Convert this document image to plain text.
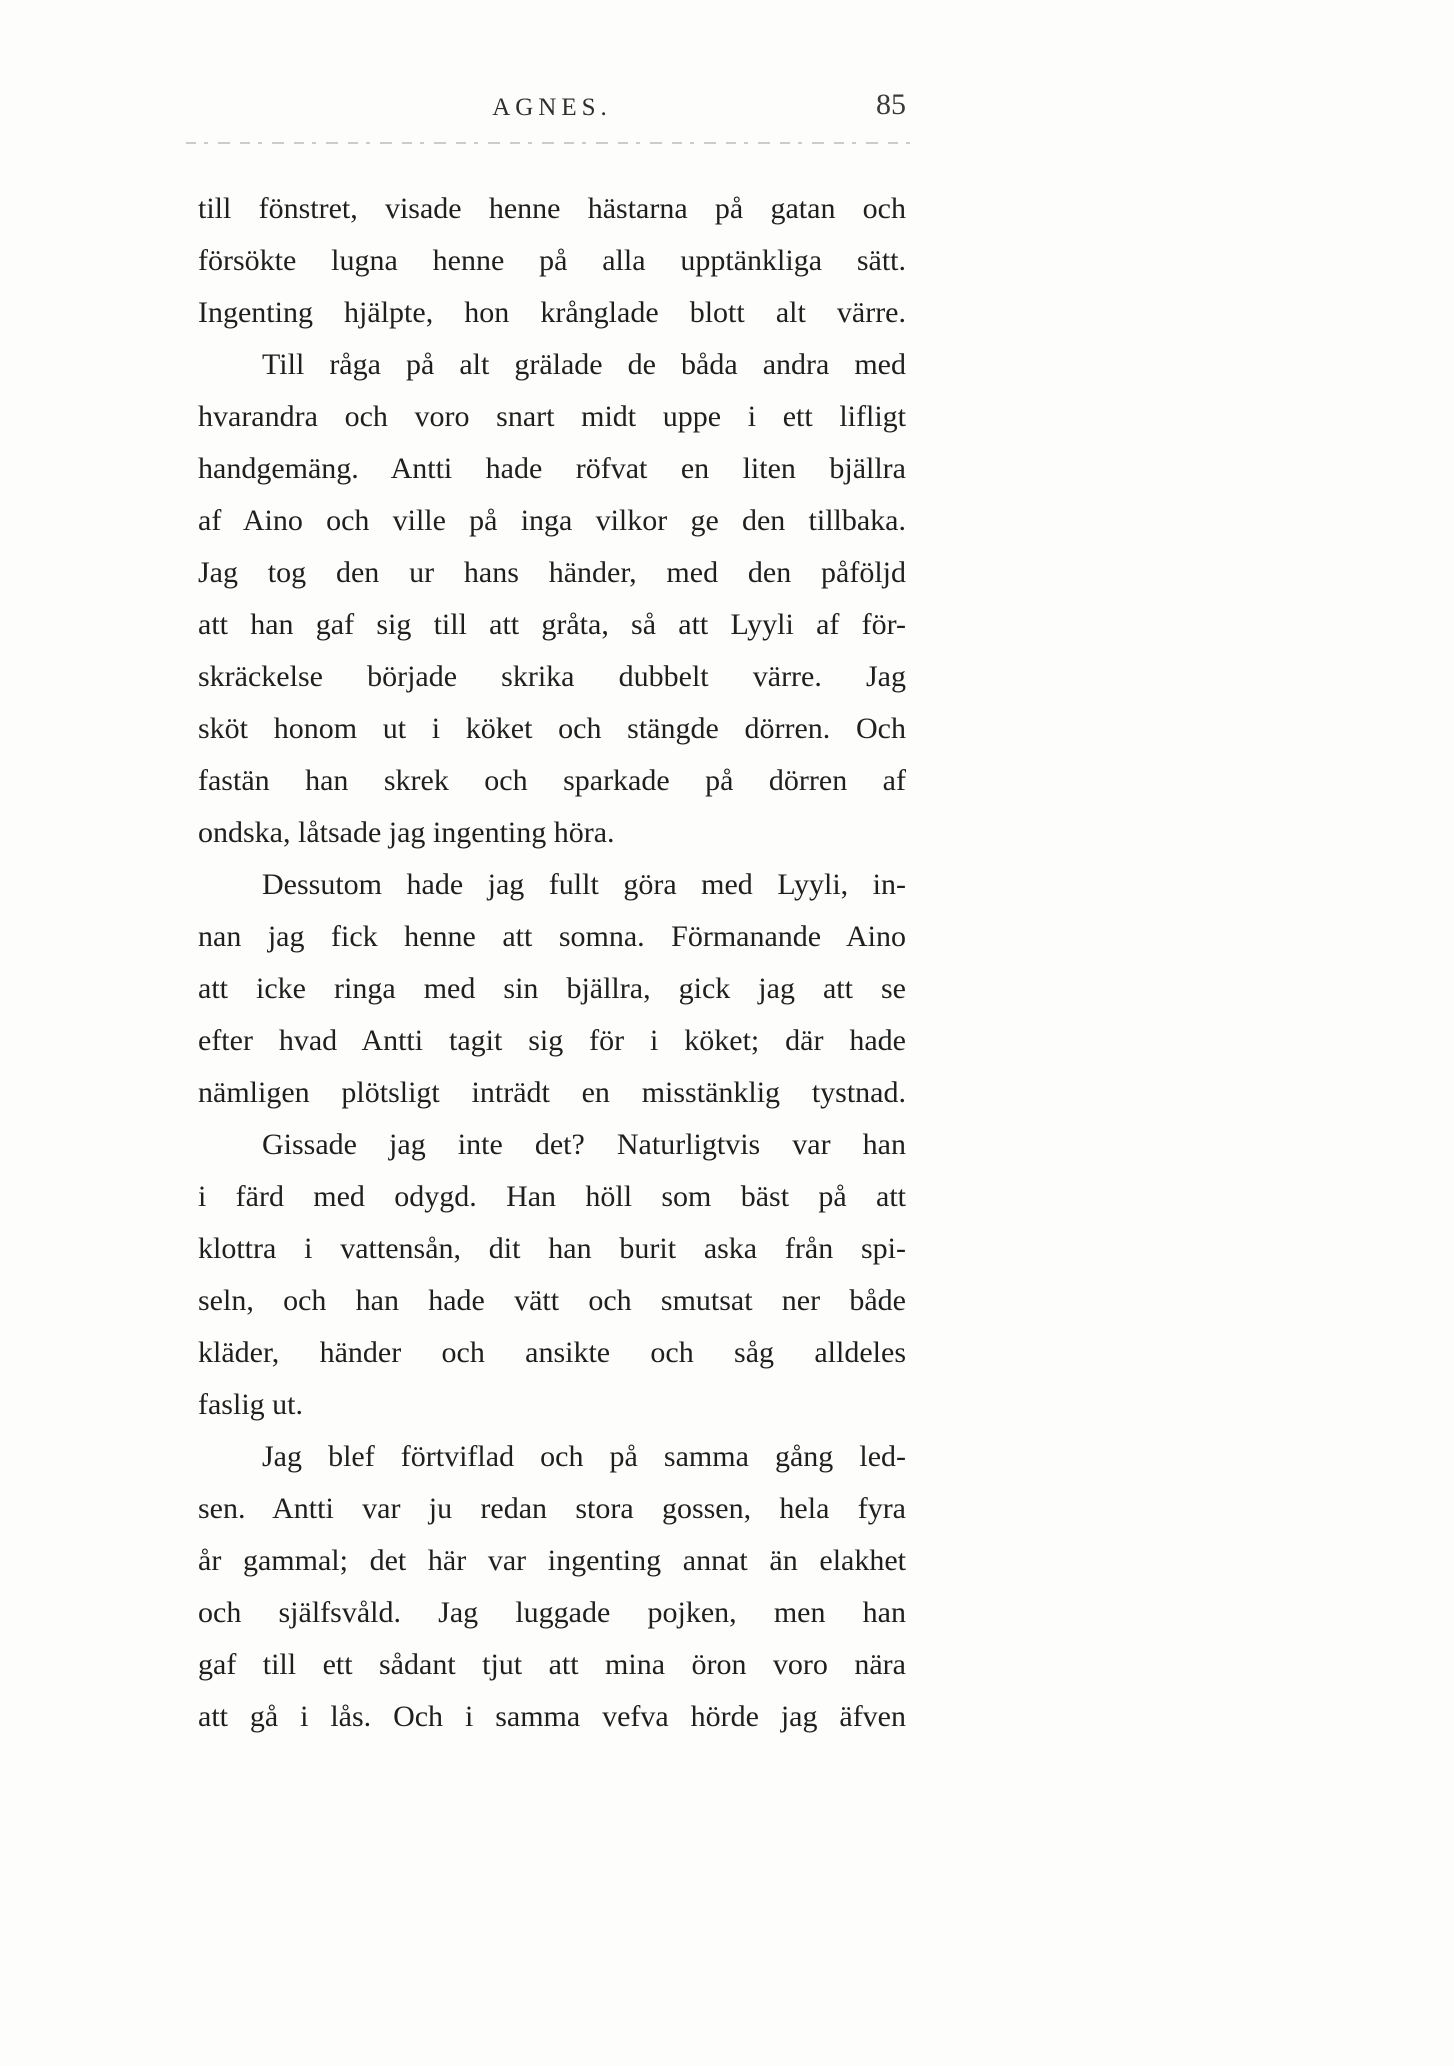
AGNES.	85
till fönstret, visade henne hästarna på gatan och
försökte lugna henne på alla upptänkliga sätt.
Ingenting hjälpte, hon krånglade blott alt värre.
Till råga på alt grälade de båda andra med
hvarandra och voro snart midt uppe i ett lifligt
handgemäng. Antti hade röfvat en liten bjällra
af Aino och ville på inga vilkor ge den tillbaka.
Jag tog den ur hans händer, med den påföljd
att han gaf sig till att gråta, så att Lyyli af för-
skräckelse började skrika dubbelt värre. Jag
sköt honom ut i köket och stängde dörren. Och
fastän han skrek och sparkade på dörren af
ondska, låtsade jag ingenting höra.
Dessutom hade jag fullt göra med Lyyli, in-
nan jag fick henne att somna. Förmanande Aino
att icke ringa med sin bjällra, gick jag att se
efter hvad Antti tagit sig för i köket; där hade
nämligen plötsligt inträdt en misstänklig tystnad.
Gissade jag inte det? Naturligtvis var han
i färd med odygd. Han höll som bäst på att
klottra i vattensån, dit han burit aska från spi-
seln, och han hade vätt och smutsat ner både
kläder, händer och ansikte och såg alldeles
faslig ut.
Jag blef förtviflad och på samma gång led-
sen. Antti var ju redan stora gossen, hela fyra
år gammal; det här var ingenting annat än elakhet
och själfsvåld. Jag luggade pojken, men han
gaf till ett sådant tjut att mina öron voro nära
att gå i lås. Och i samma vefva hörde jag äfven
